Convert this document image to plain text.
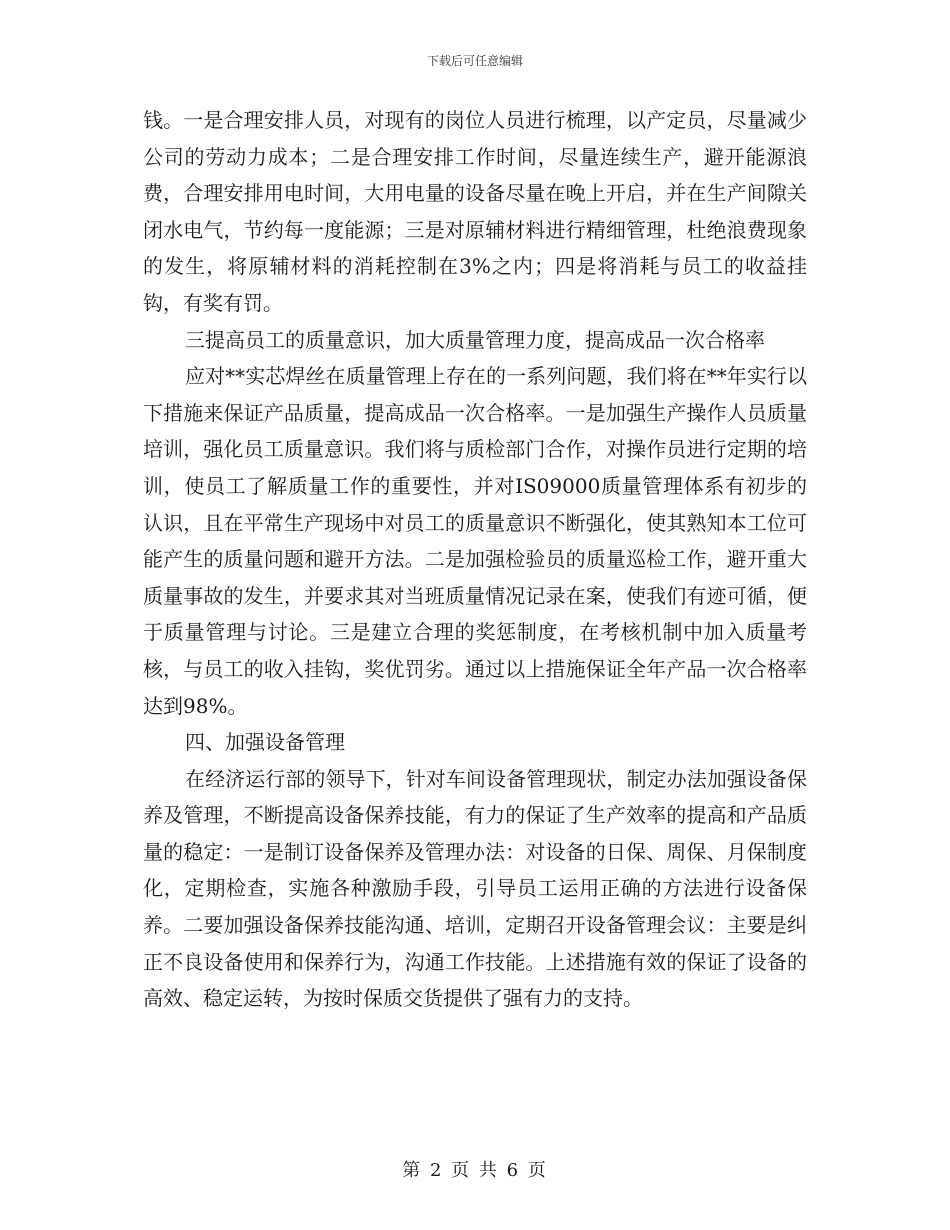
下载后可任意编辑

钱。一是合理安排人员，对现有的岗位人员进行梳理，以产定员，尽量减少公司的劳动力成本；二是合理安排工作时间，尽量连续生产，避开能源浪费，合理安排用电时间，大用电量的设备尽量在晚上开启，并在生产间隙关闭水电气，节约每一度能源；三是对原辅材料进行精细管理，杜绝浪费现象的发生，将原辅材料的消耗控制在3%之内；四是将消耗与员工的收益挂钩，有奖有罚。

三提高员工的质量意识，加大质量管理力度，提高成品一次合格率

应对**实芯焊丝在质量管理上存在的一系列问题，我们将在**年实行以下措施来保证产品质量，提高成品一次合格率。一是加强生产操作人员质量培训，强化员工质量意识。我们将与质检部门合作，对操作员进行定期的培训，使员工了解质量工作的重要性，并对IS09000质量管理体系有初步的认识，且在平常生产现场中对员工的质量意识不断强化，使其熟知本工位可能产生的质量问题和避开方法。二是加强检验员的质量巡检工作，避开重大质量事故的发生，并要求其对当班质量情况记录在案，使我们有迹可循，便于质量管理与讨论。三是建立合理的奖惩制度，在考核机制中加入质量考核，与员工的收入挂钩，奖优罚劣。通过以上措施保证全年产品一次合格率达到98%。

四、加强设备管理

在经济运行部的领导下，针对车间设备管理现状，制定办法加强设备保养及管理，不断提高设备保养技能，有力的保证了生产效率的提高和产品质量的稳定：一是制订设备保养及管理办法：对设备的日保、周保、月保制度化，定期检查，实施各种激励手段，引导员工运用正确的方法进行设备保养。二要加强设备保养技能沟通、培训，定期召开设备管理会议：主要是纠正不良设备使用和保养行为，沟通工作技能。上述措施有效的保证了设备的高效、稳定运转，为按时保质交货提供了强有力的支持。

第 2 页 共 6 页
